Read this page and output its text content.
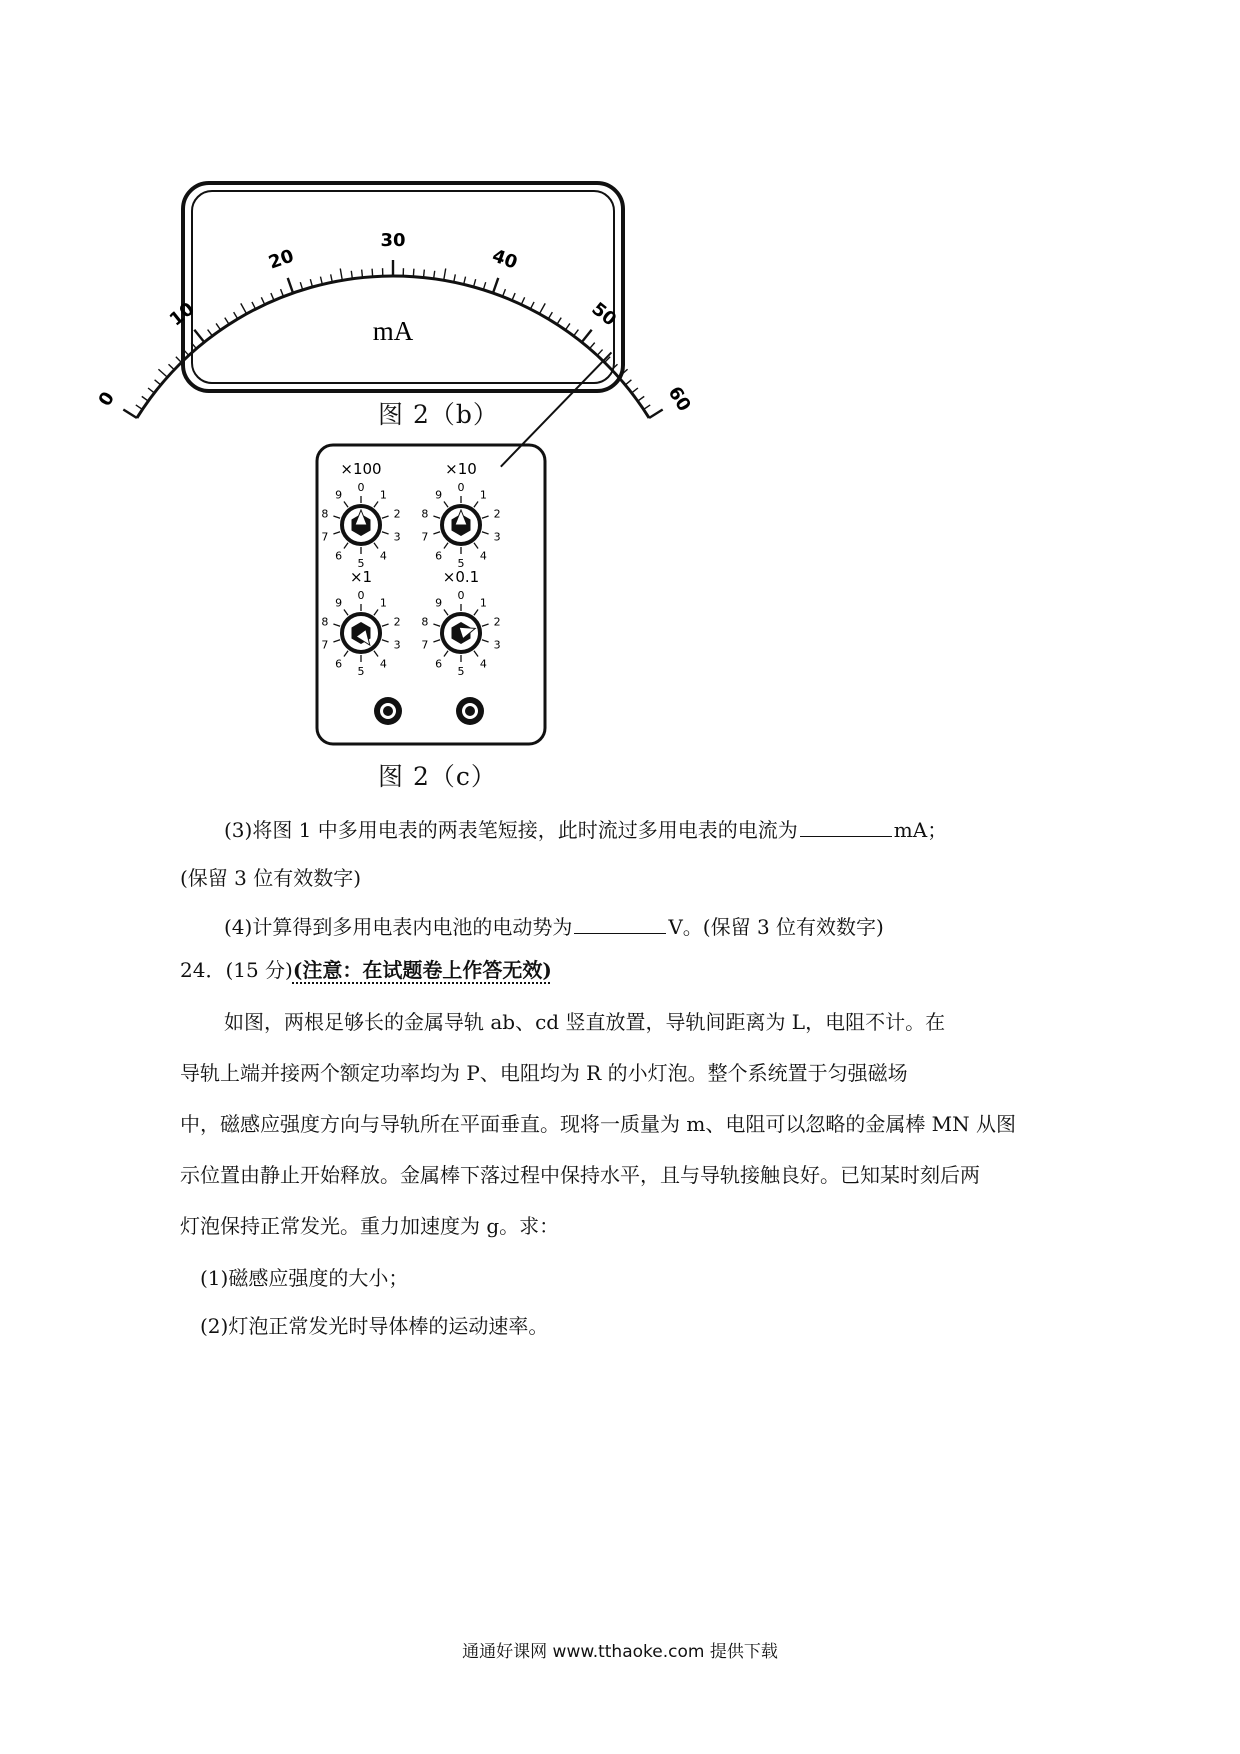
0
10
20
30
40
50
60
mA
图 2（b）
×100
0
1
2
3
4
5
6
7
8
9
×10
0
1
2
3
4
5
6
7
8
9
×1
0
1
2
3
4
5
6
7
8
9
×0.1
0
1
2
3
4
5
6
7
8
9
图 2（c）
(3)将图 1 中多用电表的两表笔短接，此时流过多用电表的电流为	mA；
(保留 3 位有效数字)
(4)计算得到多用电表内电池的电动势为	V。(保留 3 位有效数字)
24．(15 分)(注意：在试题卷上作答无效)
如图，两根足够长的金属导轨 ab、cd 竖直放置，导轨间距离为 L，电阻不计。在
导轨上端并接两个额定功率均为 P、电阻均为 R 的小灯泡。整个系统置于匀强磁场
中，磁感应强度方向与导轨所在平面垂直。现将一质量为 m、电阻可以忽略的金属棒 MN 从图
示位置由静止开始释放。金属棒下落过程中保持水平，且与导轨接触良好。已知某时刻后两
灯泡保持正常发光。重力加速度为 g。求：
(1)磁感应强度的大小；
(2)灯泡正常发光时导体棒的运动速率。
通通好课网 www.tthaoke.com 提供下载
